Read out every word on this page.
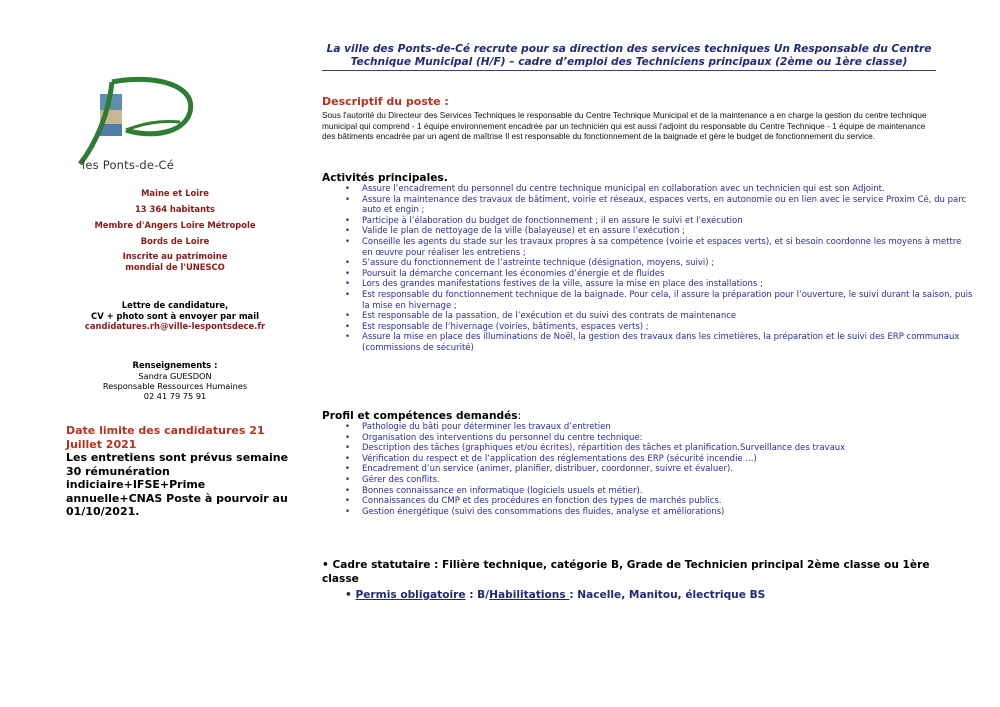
les Ponts-de-Cé
Maine et Loire
13 364 habitants
Membre d'Angers Loire Métropole
Bords de Loire
Inscrite au patrimoine
mondial de l'UNESCO
Lettre de candidature,
CV + photo sont à envoyer par mail
candidatures.rh@ville-lespontsdece.fr
Renseignements :
Sandra GUESDON
Responsable Ressources Humaines
02 41 79 75 91
Date limite des candidatures 21 Juillet 2021
Les entretiens sont prévus semaine 30 rémunération indiciaire+IFSE+Prime annuelle+CNAS Poste à pourvoir au 01/10/2021.
La ville des Ponts-de-Cé recrute pour sa direction des services techniques Un Responsable du Centre Technique Municipal (H/F) – cadre d’emploi des Techniciens principaux (2ème ou 1ère classe)
Descriptif du poste :
Sous l'autorité du Directeur des Services Techniques le responsable du Centre Technique Municipal et de la maintenance a en charge la gestion du centre technique municipal qui comprend - 1 équipe environnement encadrée par un technicien qui est aussi l'adjoint du responsable du Centre Technique - 1 équipe de maintenance des bâtiments encadrée par un agent de maîtrise Il est responsable du fonctionnement de la baignade et gère le budget de fonctionnement du service.
Activités principales.
• Assure l’encadrement du personnel du centre technique municipal en collaboration avec un technicien qui est son Adjoint.
• Assure la maintenance des travaux de bâtiment, voirie et réseaux, espaces verts, en autonomie ou en lien avec le service Proxim Cé, du parc auto et engin ;
• Participe à l’élaboration du budget de fonctionnement ; il en assure le suivi et l’exécution
• Valide le plan de nettoyage de la ville (balayeuse) et en assure l’exécution ;
• Conseille les agents du stade sur les travaux propres à sa compétence (voirie et espaces verts), et si besoin coordonne les moyens à mettre en œuvre pour réaliser les entretiens ;
• S’assure du fonctionnement de l’astreinte technique (désignation, moyens, suivi) ;
• Poursuit la démarche concernant les économies d’énergie et de fluides
• Lors des grandes manifestations festives de la ville, assure la mise en place des installations ;
• Est responsable du fonctionnement technique de la baignade. Pour cela, il assure la préparation pour l’ouverture, le suivi durant la saison, puis la mise en hivernage ;
• Est responsable de la passation, de l’exécution et du suivi des contrats de maintenance
• Est responsable de l’hivernage (voiries, bâtiments, espaces verts) ;
• Assure la mise en place des illuminations de Noël, la gestion des travaux dans les cimetières, la préparation et le suivi des ERP communaux (commissions de sécurité)
Profil et compétences demandés:
• Pathologie du bâti pour déterminer les travaux d’entretien
• Organisation des interventions du personnel du centre technique:
• Description des tâches (graphiques et/ou écrites), répartition des tâches et planification.Surveillance des travaux
• Vérification du respect et de l’application des réglementations des ERP (sécurité incendie ...)
• Encadrement d’un service (animer, planifier, distribuer, coordonner, suivre et évaluer).
• Gérer des conflits.
• Bonnes connaissance en informatique (logiciels usuels et métier).
• Connaissances du CMP et des procédures en fonction des types de marchés publics.
• Gestion énergétique (suivi des consommations des fluides, analyse et améliorations)
• Cadre statutaire : Filière technique, catégorie B, Grade de Technicien principal 2ème classe ou 1ère classe
• Permis obligatoire : B/Habilitations : Nacelle, Manitou, électrique BS
